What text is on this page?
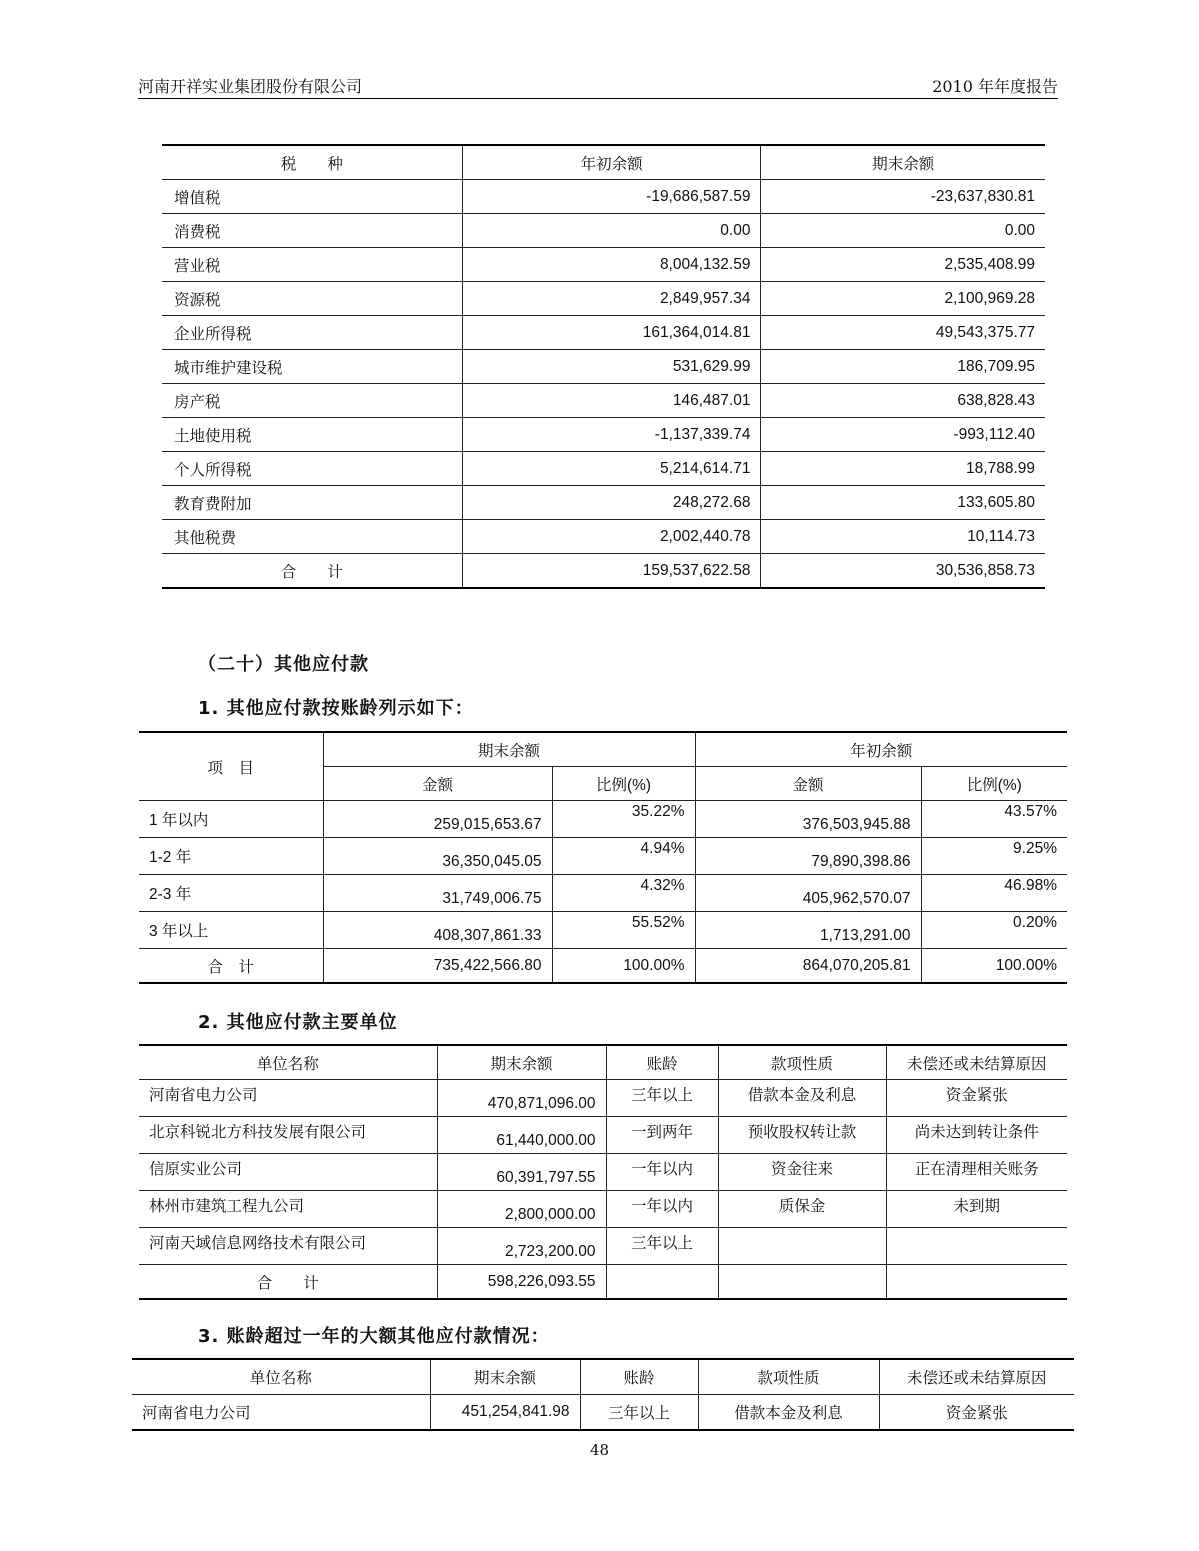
河南开祥实业集团股份有限公司	2010 年年度报告
税　　种	年初余额	期末余额
增值税	-19,686,587.59	-23,637,830.81
消费税	0.00	0.00
营业税	8,004,132.59	2,535,408.99
资源税	2,849,957.34	2,100,969.28
企业所得税	161,364,014.81	49,543,375.77
城市维护建设税	531,629.99	186,709.95
房产税	146,487.01	638,828.43
土地使用税	-1,137,339.74	-993,112.40
个人所得税	5,214,614.71	18,788.99
教育费附加	248,272.68	133,605.80
其他税费	2,002,440.78	10,114.73
合　　计	159,537,622.58	30,536,858.73
（二十）其他应付款
1. 其他应付款按账龄列示如下：
项　目	期末余额		年初余额	
	金额	比例(%)	金额	比例(%)
1 年以内	259,015,653.67	35.22%	376,503,945.88	43.57%
1-2 年	36,350,045.05	4.94%	79,890,398.86	9.25%
2-3 年	31,749,006.75	4.32%	405,962,570.07	46.98%
3 年以上	408,307,861.33	55.52%	1,713,291.00	0.20%
合　计	735,422,566.80	100.00%	864,070,205.81	100.00%
2. 其他应付款主要单位
单位名称	期末余额	账龄	款项性质	未偿还或未结算原因
河南省电力公司	470,871,096.00	三年以上	借款本金及利息	资金紧张
北京科锐北方科技发展有限公司	61,440,000.00	一到两年	预收股权转让款	尚未达到转让条件
信原实业公司	60,391,797.55	一年以内	资金往来	正在清理相关账务
林州市建筑工程九公司	2,800,000.00	一年以内	质保金	未到期
河南天域信息网络技术有限公司	2,723,200.00	三年以上		
合　　计	598,226,093.55			
3. 账龄超过一年的大额其他应付款情况：
单位名称	期末余额	账龄	款项性质	未偿还或未结算原因
河南省电力公司	451,254,841.98	三年以上	借款本金及利息	资金紧张
48
